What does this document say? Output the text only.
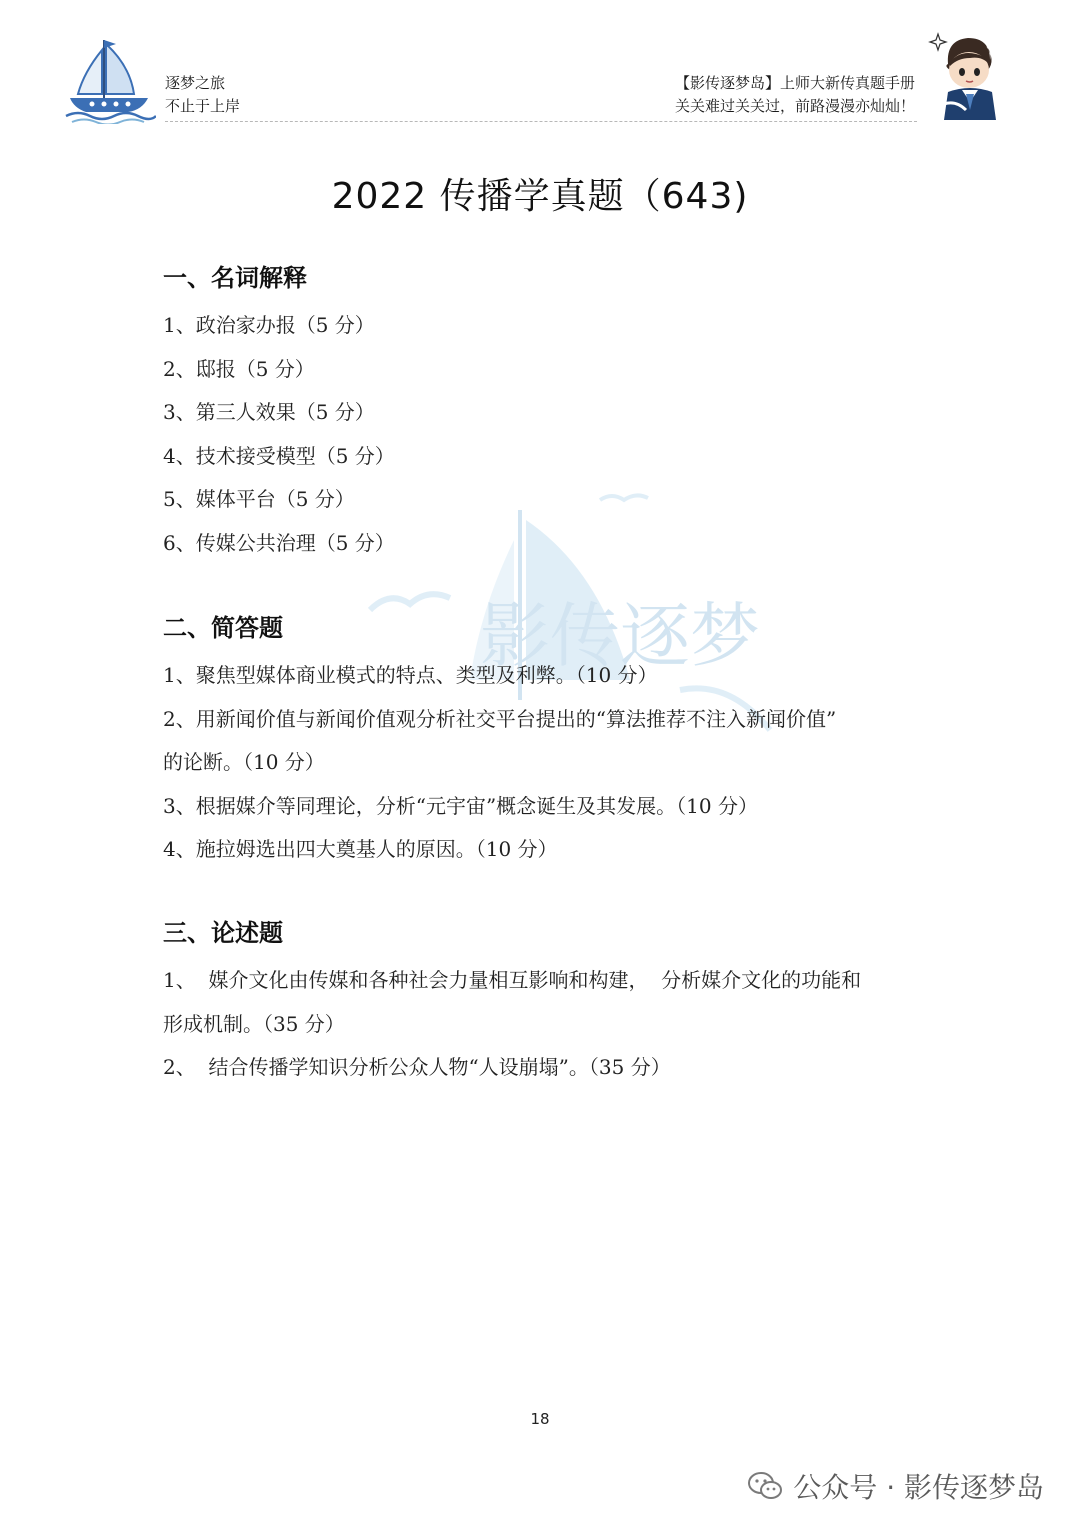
逐梦之旅
不止于上岸
【影传逐梦岛】上师大新传真题手册
关关难过关关过，前路漫漫亦灿灿！
2022 传播学真题（643)
影传逐梦
一、名词解释
1、政治家办报（5 分）
2、邸报（5 分）
3、第三人效果（5 分）
4、技术接受模型（5 分）
5、媒体平台（5 分）
6、传媒公共治理（5 分）
二、简答题
1、聚焦型媒体商业模式的特点、类型及利弊。（10 分）
2、用新闻价值与新闻价值观分析社交平台提出的“算法推荐不注入新闻价值”
的论断。（10 分）
3、根据媒介等同理论，分析“元宇宙”概念诞生及其发展。（10 分）
4、施拉姆选出四大奠基人的原因。（10 分）
三、论述题
1、  媒介文化由传媒和各种社会力量相互影响和构建，  分析媒介文化的功能和
形成机制。（35 分）
2、  结合传播学知识分析公众人物“人设崩塌”。（35 分）
18
公众号 · 影传逐梦岛
